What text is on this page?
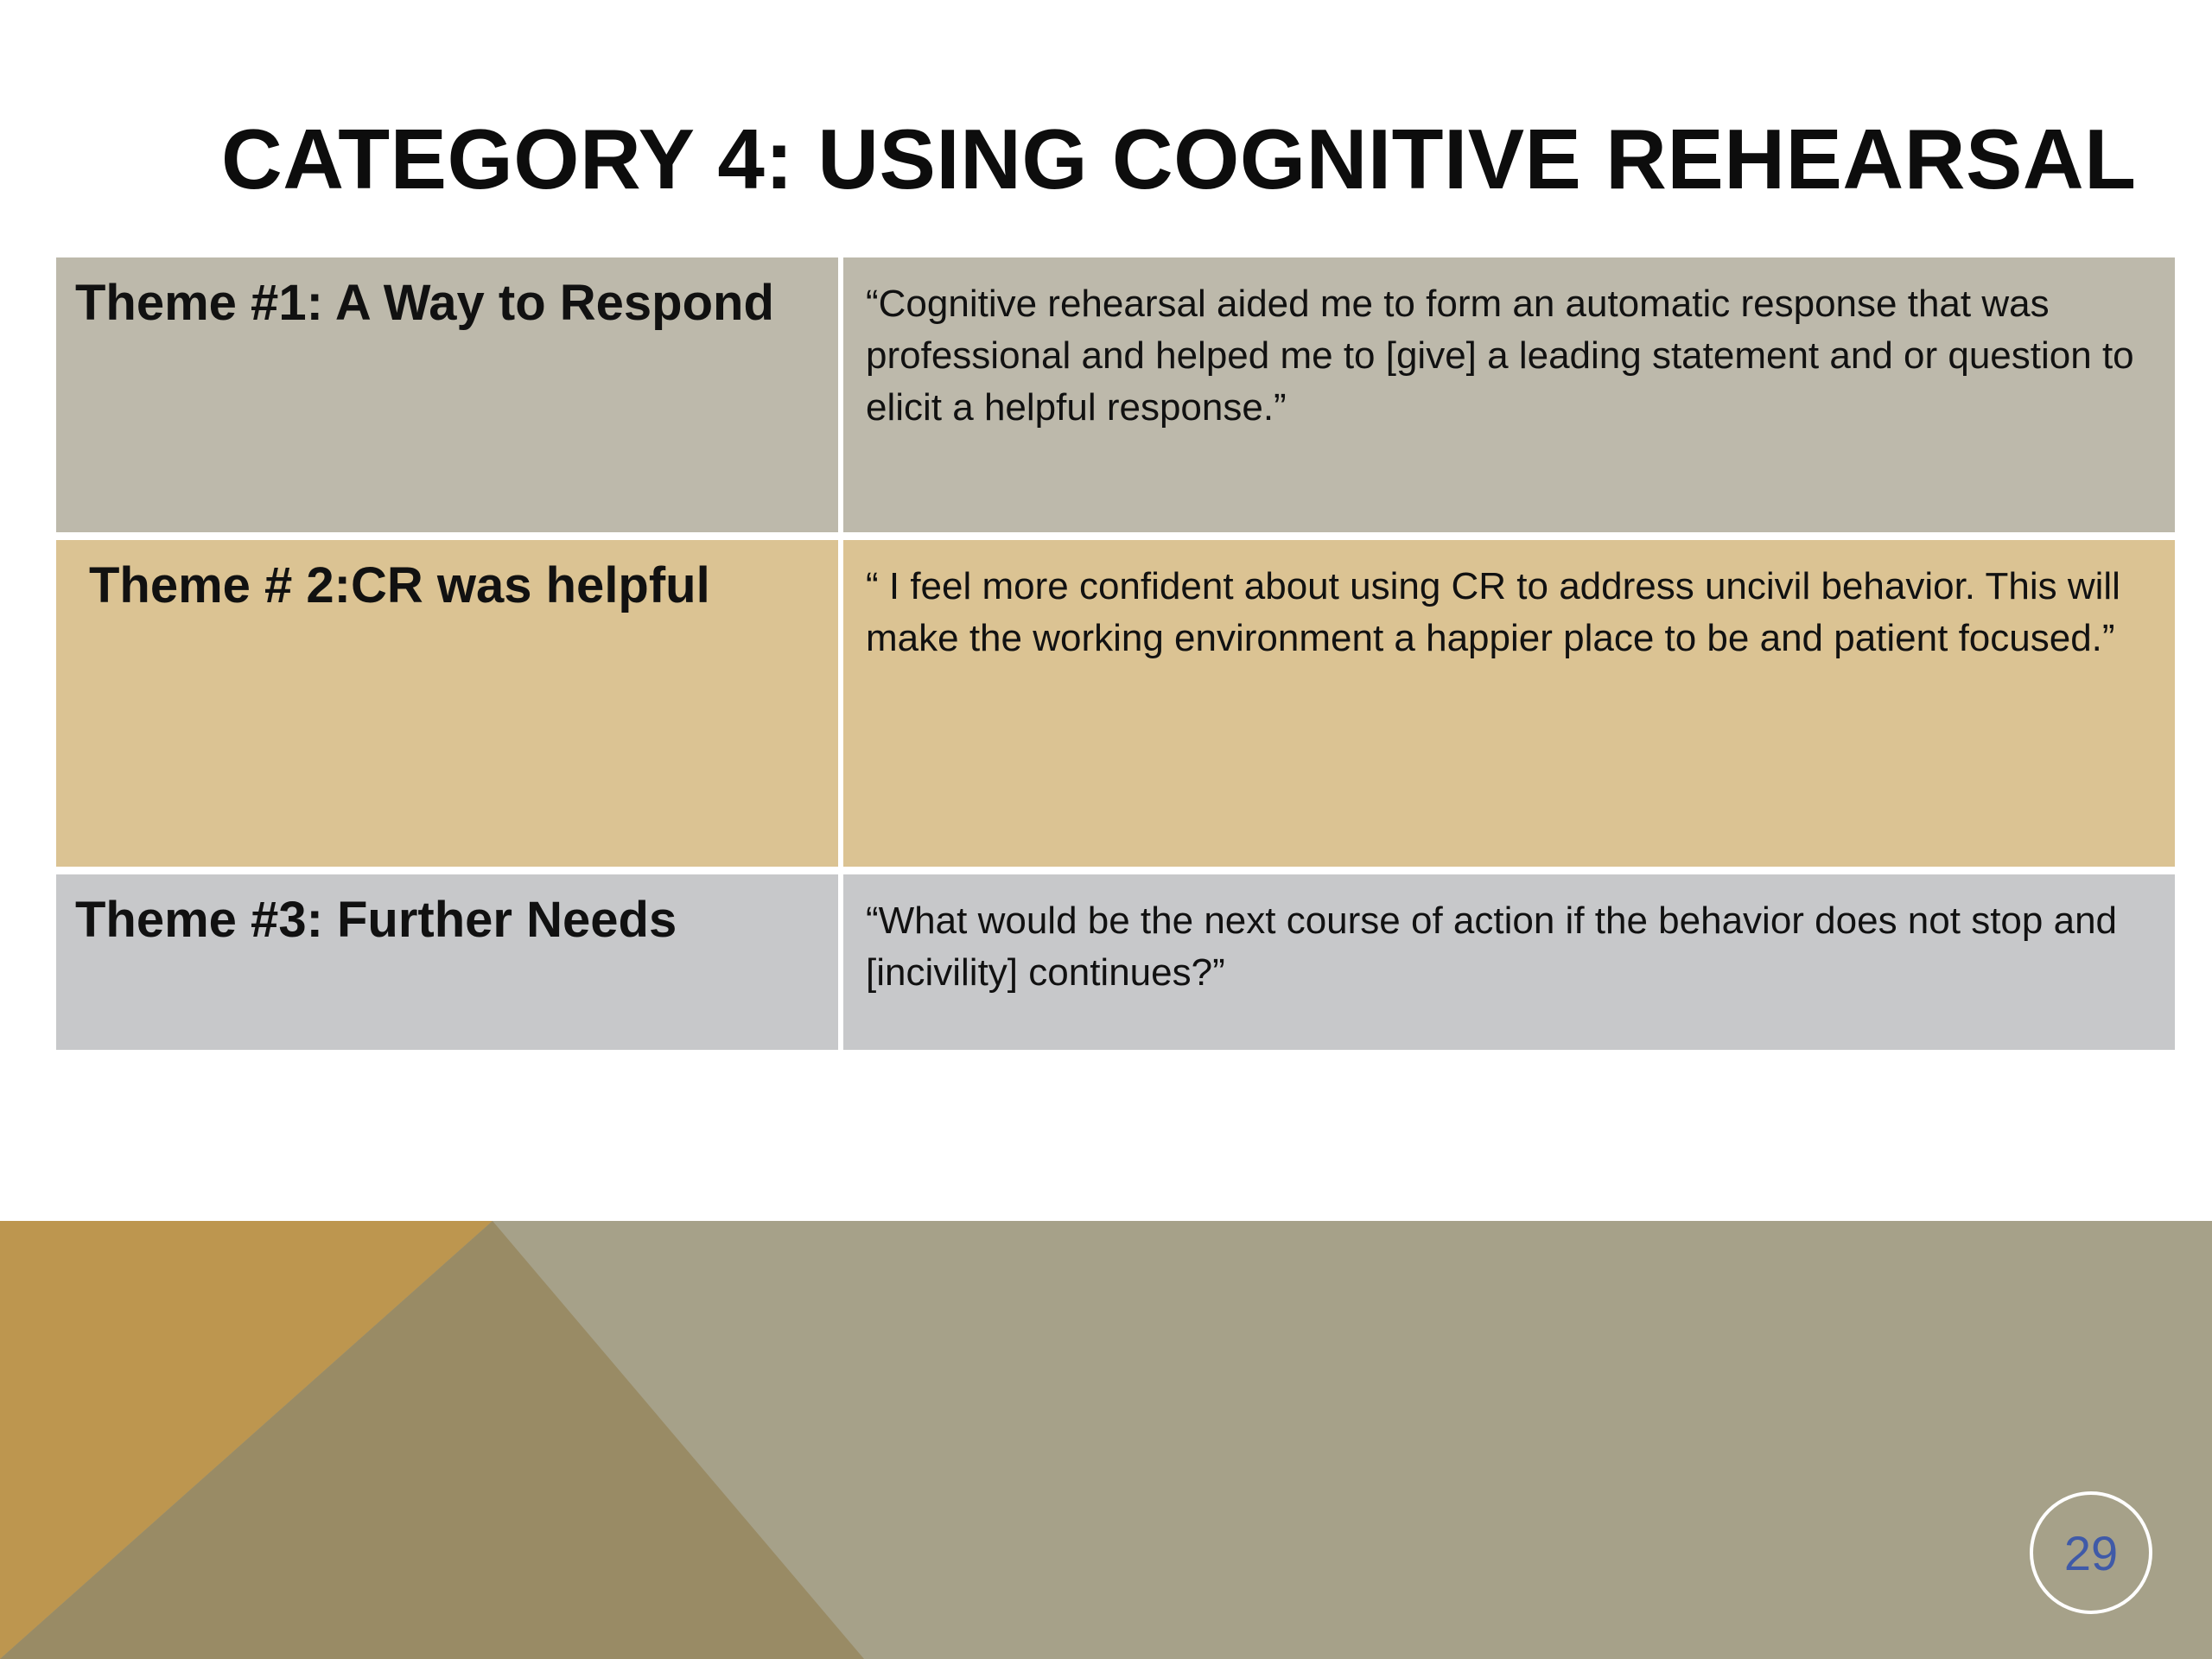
CATEGORY 4: USING COGNITIVE REHEARSAL
Theme #1: A Way to Respond	“Cognitive rehearsal aided me to form an automatic response that was professional and helped me to [give] a leading statement and or question to elicit a helpful response.”
Theme # 2:CR was helpful	“ I feel more confident about using CR to address uncivil behavior. This will make the working environment a happier place to be and patient focused.”
Theme #3: Further Needs	“What would be the next course of action if the behavior does not stop and [incivility] continues?”
29
